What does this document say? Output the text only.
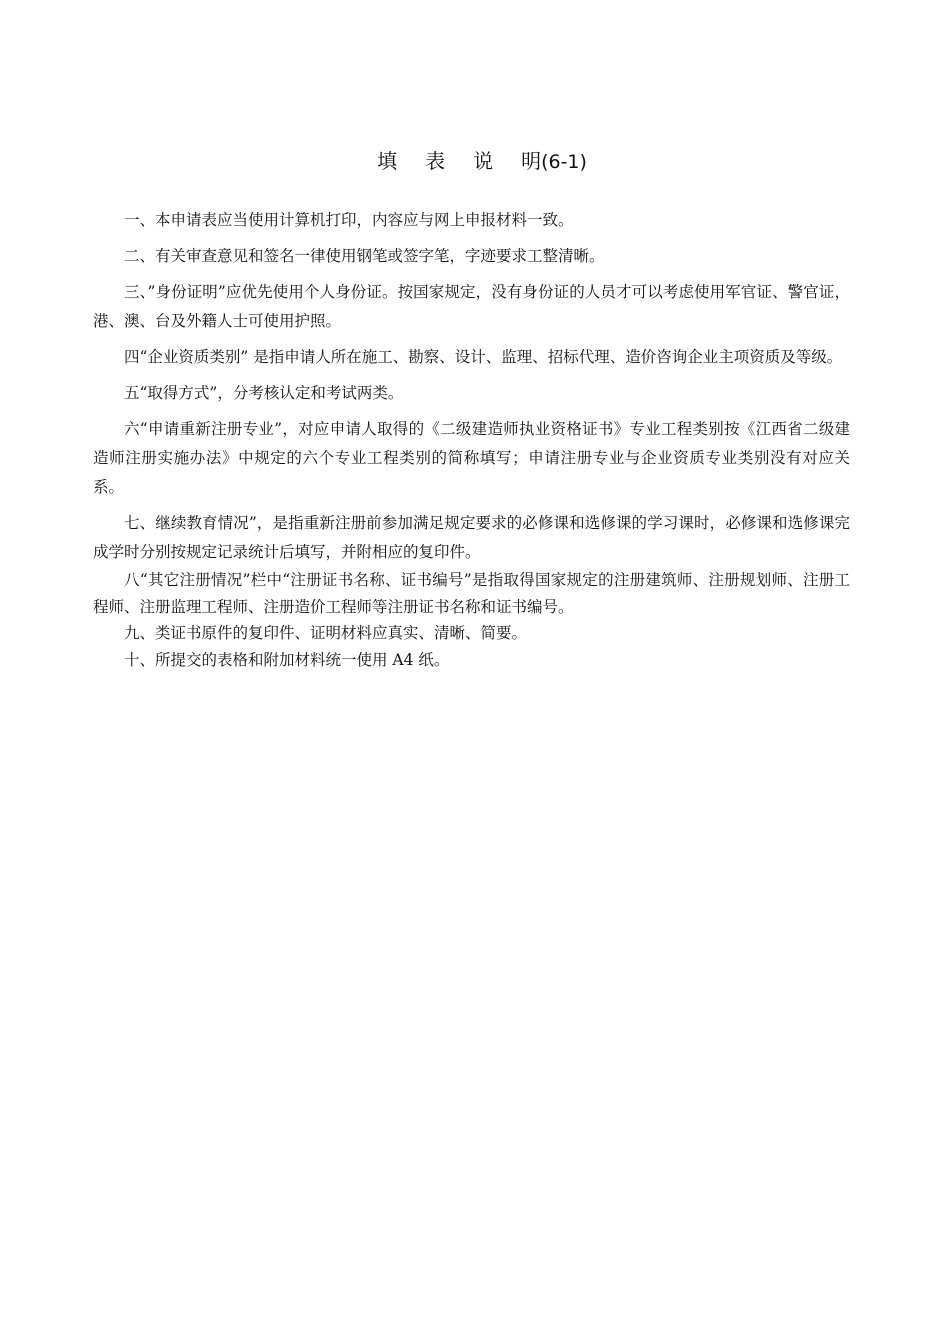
填 表 说 明(6-1)

一、本申请表应当使用计算机打印，内容应与网上申报材料一致。

二、有关审查意见和签名一律使用钢笔或签字笔，字迹要求工整清晰。

三、”身份证明”应优先使用个人身份证。按国家规定，没有身份证的人员才可以考虑使用军官证、警官证，港、澳、台及外籍人士可使用护照。

四“企业资质类别” 是指申请人所在施工、勘察、设计、监理、招标代理、造价咨询企业主项资质及等级。

五“取得方式”，分考核认定和考试两类。

六“申请重新注册专业”，对应申请人取得的《二级建造师执业资格证书》专业工程类别按《江西省二级建造师注册实施办法》中规定的六个专业工程类别的简称填写；申请注册专业与企业资质专业类别没有对应关系。

七、继续教育情况”，是指重新注册前参加满足规定要求的必修课和选修课的学习课时，必修课和选修课完成学时分别按规定记录统计后填写，并附相应的复印件。

八“其它注册情况”栏中“注册证书名称、证书编号”是指取得国家规定的注册建筑师、注册规划师、注册工程师、注册监理工程师、注册造价工程师等注册证书名称和证书编号。

九、类证书原件的复印件、证明材料应真实、清晰、简要。

十、所提交的表格和附加材料统一使用 A4 纸。
